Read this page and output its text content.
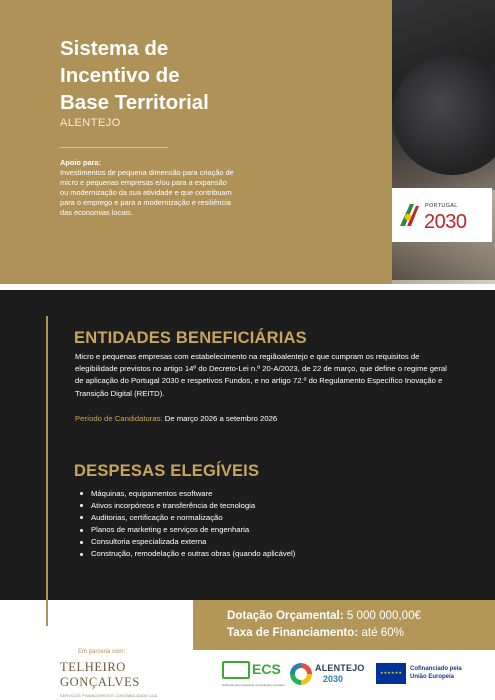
Sistema de
Incentivo de
Base Territorial
ALENTEJO
Apoio para:
Investimentos de pequena dimensão para criação de micro e pequenas empresas e/ou para a expansão ou modernização da sua atividade e que contribuam para o emprego e para a modernização e resiliência das economias locais.
PORTUGAL
2030
ENTIDADES BENEFICIÁRIAS
Micro e pequenas empresas com estabelecimento na regiãoalentejo e que cumpram os requisitos de elegibilidade previstos no artigo 14º do Decreto-Lei n.º 20-A/2023, de 22 de março, que define o regime geral de aplicação do Portugal 2030 e respetivos Fundos, e no artigo 72.º do Regulamento Específico Inovação e Transição Digital (REITD).
Período de Candidaturas: De março 2026 a setembro 2026
DESPESAS ELEGÍVEIS
Máquinas, equipamentos esoftware
Ativos incorpóreos e transferência de tecnologia
Auditorias, certificação e normalização
Planos de marketing e serviços de engenharia
Consultoria especializada externa
Construção, remodelação e outras obras (quando aplicável)
Dotação Orçamental: 5 000 000,00€
Taxa de Financiamento: até 60%
Em parceria com:
TELHEIRO GONÇALVES
SERVIÇOS FINANCEIROS E CONTABILIDADE LDA
ECS
Gabinete empresarial de consultoria e serviços
ALENTEJO
2030
★★★★★★
Cofinanciado pela
União Europeia
